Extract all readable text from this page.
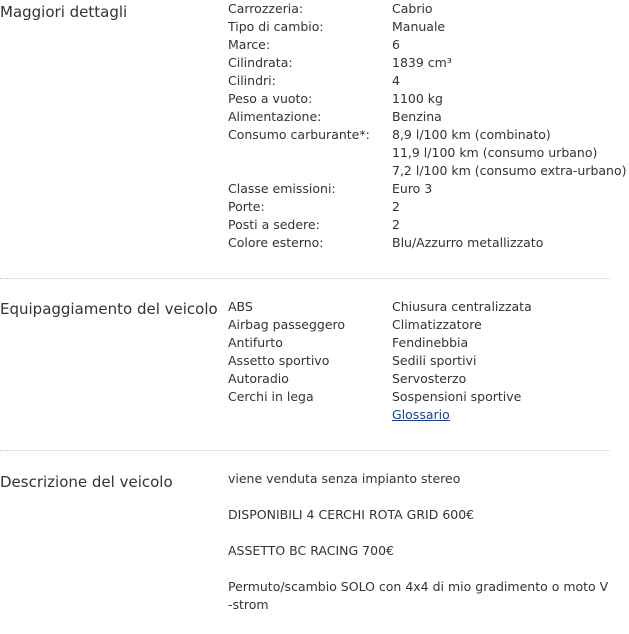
Maggiori dettagli	Carrozzeria:	Cabrio
Tipo di cambio:	Manuale
Marce:	6
Cilindrata:	1839 cm³
Cilindri:	4
Peso a vuoto:	1100 kg
Alimentazione:	Benzina
Consumo carburante*: 8,9 l/100 km (combinato)
11,9 l/100 km (consumo urbano)
7,2 l/100 km (consumo extra-urbano)
Classe emissioni:	Euro 3
Porte:	2
Posti a sedere:	2
Colore esterno:	Blu/Azzurro metallizzato
Equipaggiamento del veicolo ABS	Chiusura centralizzata
Airbag passeggero	Climatizzatore
Antifurto	Fendinebbia
Assetto sportivo	Sedili sportivi
Autoradio	Servosterzo
Cerchi in lega	Sospensioni sportive
Glossario
Descrizione del veicolo	viene venduta senza impianto stereo
DISPONIBILI 4 CERCHI ROTA GRID 600€
ASSETTO BC RACING 700€
Permuto/scambio SOLO con 4x4 di mio gradimento o moto V
-strom
